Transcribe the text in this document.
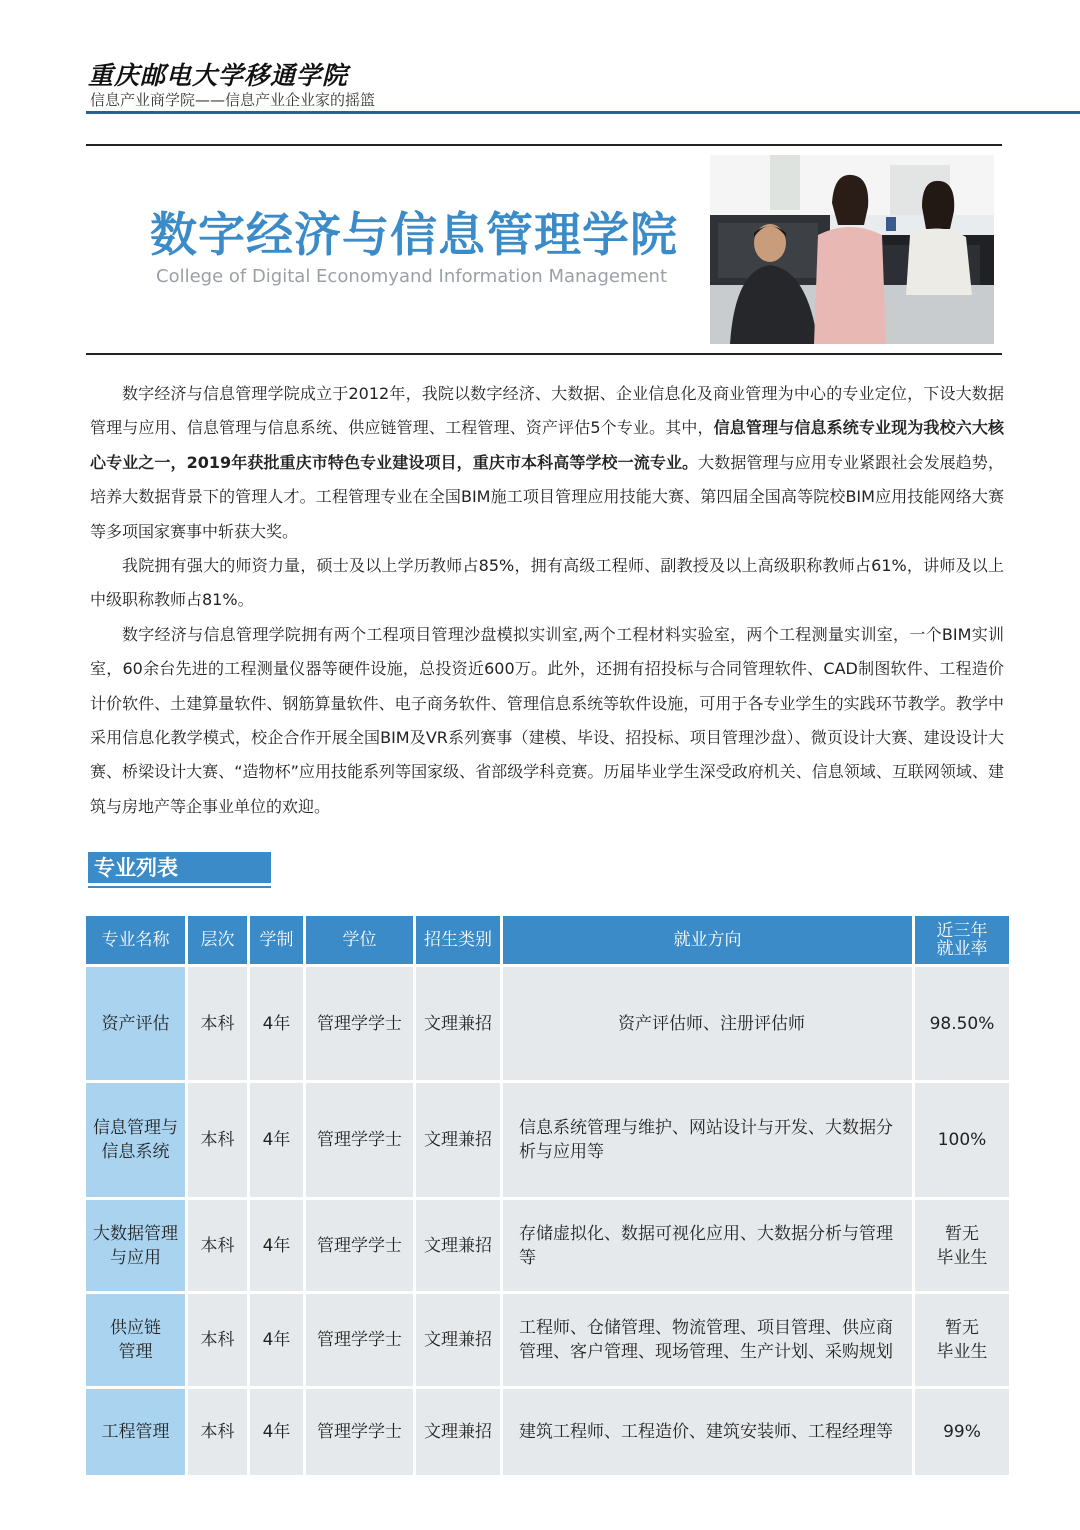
重庆邮电大学移通学院
信息产业商学院——信息产业企业家的摇篮
数字经济与信息管理学院
College of Digital Economyand Information Management

数字经济与信息管理学院成立于2012年，我院以数字经济、大数据、企业信息化及商业管理为中心的专业定位，下设大数据管理与应用、信息管理与信息系统、供应链管理、工程管理、资产评估5个专业。其中，信息管理与信息系统专业现为我校六大核心专业之一，2019年获批重庆市特色专业建设项目，重庆市本科高等学校一流专业。大数据管理与应用专业紧跟社会发展趋势，培养大数据背景下的管理人才。工程管理专业在全国BIM施工项目管理应用技能大赛、第四届全国高等院校BIM应用技能网络大赛等多项国家赛事中斩获大奖。

我院拥有强大的师资力量，硕士及以上学历教师占85%，拥有高级工程师、副教授及以上高级职称教师占61%，讲师及以上中级职称教师占81%。

数字经济与信息管理学院拥有两个工程项目管理沙盘模拟实训室,两个工程材料实验室，两个工程测量实训室，一个BIM实训室，60余台先进的工程测量仪器等硬件设施，总投资近600万。此外，还拥有招投标与合同管理软件、CAD制图软件、工程造价计价软件、土建算量软件、钢筋算量软件、电子商务软件、管理信息系统等软件设施，可用于各专业学生的实践环节教学。教学中采用信息化教学模式，校企合作开展全国BIM及VR系列赛事（建模、毕设、招投标、项目管理沙盘）、微页设计大赛、建设设计大赛、桥梁设计大赛、“造物杯”应用技能系列等国家级、省部级学科竞赛。历届毕业学生深受政府机关、信息领域、互联网领域、建筑与房地产等企事业单位的欢迎。

专业列表
专业名称	层次	学制	学位	招生类别	就业方向	近三年
就业率
资产评估	本科	4年	管理学学士	文理兼招	资产评估师、注册评估师	98.50%
信息管理与
信息系统	本科	4年	管理学学士	文理兼招	信息系统管理与维护、网站设计与开发、大数据分析与应用等	100%
大数据管理
与应用	本科	4年	管理学学士	文理兼招	存储虚拟化、数据可视化应用、大数据分析与管理等	暂无
毕业生
供应链
管理	本科	4年	管理学学士	文理兼招	工程师、仓储管理、物流管理、项目管理、供应商管理、客户管理、现场管理、生产计划、采购规划	暂无
毕业生
工程管理	本科	4年	管理学学士	文理兼招	建筑工程师、工程造价、建筑安装师、工程经理等	99%
